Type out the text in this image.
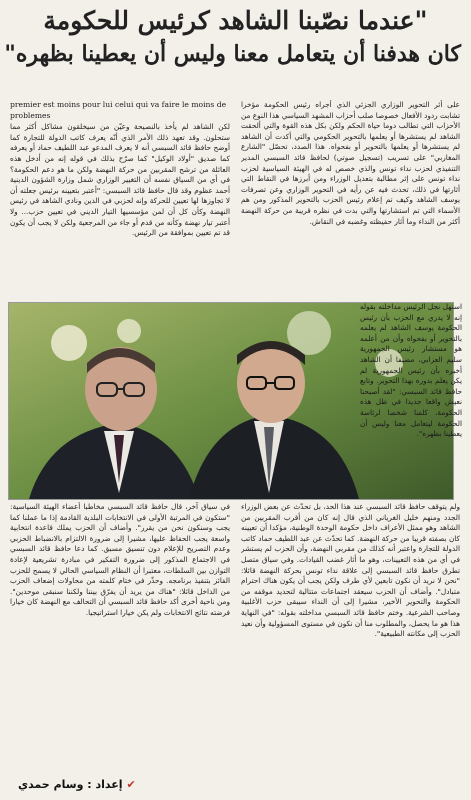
"عندما نصّبنا الشاهد كرئيس للحكومة
كان هدفنا أن يتعامل معنا وليس أن يعطينا بظهره"

premier est moins pour lui celui qui va faire le moins de problemes

لكن الشاهد لم يأخذ بالنصيحة وعيّن من سيخلقون مشاكل أكثر مما ستحلون. وقد تعهد ذلك الأمر الذي أنّه يعرف كاتب الدولة للتجارة كما أوضح حافظ قائد السبسي أنه لا يعرف المدعو عبد اللطيف حماد أو يعرفه كما صديق "أولاد الوكيل" كما صرّح بذلك في قوله إنه من أدخل هذه العائلة من ترشح المقربين من حركة النهضة ولكن ما هو دعم الحكومة؟ في أي من السياق نفسه أن التغيير الوزاري شمل وزارة الشؤون الدينية أحمد عظوم وقد قال حافظ قائد السبسي: "أعتبر بتعيينه برئيس جعلته أن لا تجاوزها لها تعيين للحركة وإنه لحزبي في الدين ونادي الشاهد في رئيس النهضة وكأن كل أن لمن مؤسسيها التيار الديني في تعيين حزب... ولا أعتبر تيار نهضة وكأنه من قدم أو جاء من المرجعية ولكن لا يجب أن يكون قد تم تعيين بموافقة من الرئيس.

على أثر التحوير الوزاري الجزئي الذي أجراه رئيس الحكومة مؤخرا تشابت ردود الأفعال خصوصا صلب أحزاب المشهد السياسي هذا النوع من الأحزاب التي تطالب دوما حياة الحكم ولكن بكل هذه القوة والتي ألحقت الشاهد لم يستشرها أو يعلمها بالتحوير الحكومي والتي أكدت أن الشاهد لم يستشرها أو يعلمها بالتحوير أو بفحواه. هذا الصدد، تحصّل "الشارع المغاربي" على تسريب (تسجيل صوتي) لحافظ قائد السبسي المدير التنفيذي لحزب نداء تونس والذي خصص له في الهيئة السياسية لحزب نداء تونس على إثر مطالبة بتعديل الوزراء ومن أبرزها في النقاط التي أثارتها في ذلك، تحدث فيه عن رأيه في التحوير الوزاري وعن تصرفات يوسف الشاهد وكيف تم إعلام رئيس الحزب بالتحوير المذكور ومن هم الأسماء التي تم استشارتها والتي بدت في نظره قريبة من حركة النهضة أكثر من النداء وما أثار حفيظته وغضبه في النقاش.

استهل نجل الرئيس مداخلته بقوله إنه لا يدري مع الحزب بأن رئيس الحكومة يوسف الشاهد لم يعلمه بالتحوير أو بفحواه وأن من أعلمه هو مستشار رئيس الجمهورية سليم العزابي، مضيفا أن الشاهد أخبره بأن رئيس الجمهورية لم يكن يعلم بدوره بهذا التحوير. وتابع حافظ قائد السبسي: "لقد أصبحنا نعيش واقعا جديدا في ظل هذه الحكومة، كلفنا شخصا لرئاسة الحكومة ليتعامل معنا وليس أن يعطينا بظهره".

في سياق آخر، قال حافظ قائد السبسي مخاطبا أعضاء الهيئة السياسية: "ستكون في المرتبة الأولى في الانتخابات البلدية القادمة إذا ما عملنا كما يجب وسنكون نحن من يقرر". وأضاف أن الحزب يملك قاعدة انتخابية واسعة يجب الحفاظ عليها، مشيرا إلى ضرورة الالتزام بالانضباط الحزبي وعدم التصريح للإعلام دون تنسيق مسبق. كما دعا حافظ قائد السبسي في الاجتماع المذكور إلى ضرورة التفكير في مبادرة تشريعية لإعادة التوازن بين السلطات، معتبرا أن النظام السياسي الحالي لا يسمح للحزب الفائز بتنفيذ برنامجه. وحذّر في ختام كلمته من محاولات إضعاف الحزب من الداخل قائلا: "هناك من يريد أن يفرّق بيننا ولكننا سنبقى موحدين". ومن ناحية أخرى أكد حافظ قائد السبسي أن التحالف مع النهضة كان خيارا فرضته نتائج الانتخابات ولم يكن خيارا استراتيجيا.

ولم يتوقف حافظ قائد السبسي عند هذا الحد، بل تحدّث عن بعض الوزراء الجدد ومنهم خليل الغرياني الذي قال إنه كان من أقرب المقربين من الشاهد وهو ممثل الأعراف داخل حكومة الوحدة الوطنية، مؤكدا أن تعيينه كان بصفته قريبا من حركة النهضة. كما تحدّث عن عبد اللطيف حماد كاتب الدولة للتجارة واعتبر أنه كذلك من مقربي النهضة، وأن الحزب لم يستشر في أي من هذه التعيينات، وهو ما أثار غضب القيادات. وفي سياق متصل تطرق حافظ قائد السبسي إلى علاقة نداء تونس بحركة النهضة قائلا: "نحن لا نريد أن نكون تابعين لأي طرف ولكن يجب أن يكون هناك احترام متبادل". وأضاف أن الحزب سيعقد اجتماعات متتالية لتحديد موقفه من الحكومة والتحوير الأخير، مشيرا إلى أن النداء سيبقى حزب الأغلبية وصاحب الشرعية. وختم حافظ قائد السبسي مداخلته بقوله: "في النهاية هذا هو ما يحصل، والمطلوب منا أن نكون في مستوى المسؤولية وأن نعيد الحزب إلى مكانته الطبيعية".

✔إعداد : وسام حمدي
